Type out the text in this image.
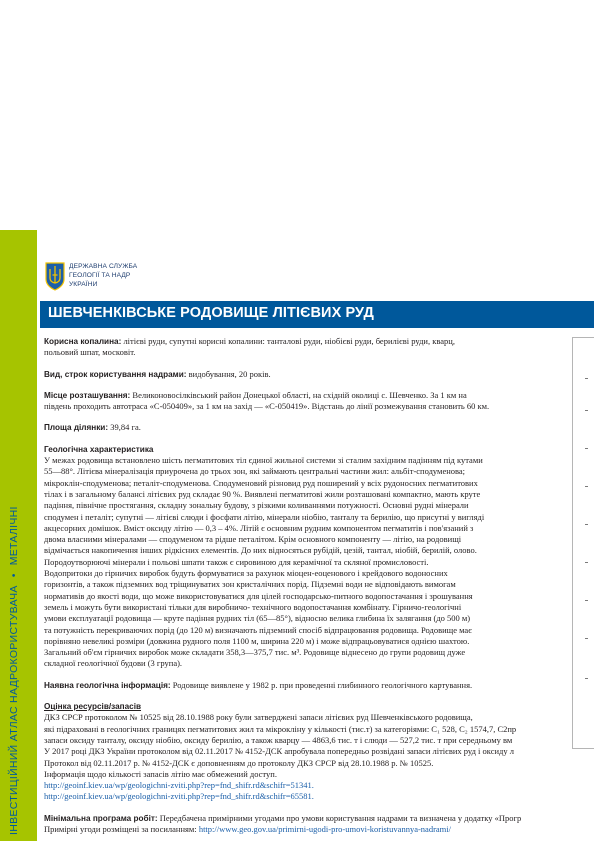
ІНВЕСТИЦІЙНИЙ АТЛАС НАДРОКОРИСТУВАЧА•МЕТАЛІЧНІ
ДЕРЖАВНА СЛУЖБА
ГЕОЛОГІЇ ТА НАДР
УКРАЇНИ
ШЕВЧЕНКІВСЬКЕ РОДОВИЩЕ ЛІТІЄВИХ РУД
Корисна копалина: літієві руди, супутні корисні копалини: танталові руди, ніобієві руди, берилієві руди, кварц,
польовий шпат, московіт.
Вид, строк користування надрами: видобування, 20 років.
Місце розташування: Великоновосілківський район Донецької області, на східній околиці с. Шевченко. За 1 км на
південь проходить автотраса «С-050409», за 1 км на захід — «С-050419». Відстань до лінії розмежування становить 60 км.
Площа ділянки: 39,84 га.
Геологічна характеристика
У межах родовища встановлено шість пегматитових тіл єдиної жильної системи зі сталим західним падінням під кутами
55—88°. Літієва мінералізація приурочена до трьох зон, які займають центральні частини жил: альбіт-сподуменова;
мікроклін-сподуменова; петаліт-сподуменова. Сподуменовий різновид руд поширений у всіх рудоносних пегматитових
тілах і в загальному балансі літієвих руд складає 90 %. Виявлені пегматитові жили розташовані компактно, мають круте
падіння, північне простягання, складну зональну будову, з різкими коливаннями потужності. Основні рудні мінерали
сподумен і петаліт; супутні — літієві слюди і фосфати літію, мінерали ніобію, танталу та берилію, що присутні у вигляді
акцесорних домішок. Вміст оксиду літію — 0,3 – 4%. Літій є основним рудним компонентом пегматитів і пов'язаний з
двома власними мінералами — сподуменом та рідше петалітом. Крім основного компоненту — літію, на родовищі
відмічається накопичення інших рідкісних елементів. До них відносяться рубідій, цезій, тантал, ніобій, берилій, олово.
Породоутворюючі мінерали і польові шпати також є сировиною для керамічної та скляної промисловості.
Водопритоки до гірничих виробок будуть формуватися за рахунок міоцен-еоценового і крейдового водоносних
горизонтів, а також підземних вод тріщинуватих зон кристалічних порід. Підземні води не відповідають вимогам
нормативів до якості води, що може використовуватися для цілей господарсько-питного водопостачання і зрошування
земель і можуть бути використані тільки для виробничо- технічного водопостачання комбінату. Гірничо-геологічні
умови експлуатації родовища — круте падіння рудних тіл (65—85°), відносно велика глибина їх залягання (до 500 м)
та потужність перекриваючих порід (до 120 м) визначають підземний спосіб відпрацювання родовища. Родовище має
порівняно невеликі розміри (довжина рудного поля 1100 м, ширина 220 м) і може відпрацьовуватися однією шахтою.
Загальний об'єм гірничих виробок може складати 358,3—375,7 тис. м³. Родовище віднесено до групи родовищ дуже
складної геологічної будови (3 група).
Наявна геологічна інформація: Родовище виявлене у 1982 р. при проведенні глибинного геологічного картування.
Оцінка ресурсів/запасів
ДКЗ СРСР протоколом № 10525 від 28.10.1988 року були затверджені запаси літієвих руд Шевченківського родовища,
які підраховані в геологічних границях пегматитових жил та мікрокліну у кількості (тис.т) за категоріями: С₁ 528, С₂ 1574,7, С2пр
запаси оксиду танталу, оксиду ніобію, оксиду берилію, а також кварцу — 4863,6 тис. т і слюди — 527,2 тис. т при середньому вм
У 2017 році ДКЗ України протоколом від 02.11.2017 № 4152-ДСК апробувала попередньо розвідані запаси літієвих руд і оксиду л
Протокол від 02.11.2017 р. № 4152-ДСК є доповненням до протоколу ДКЗ СРСР від 28.10.1988 р. № 10525.
Інформація щодо кількості запасів літію має обмежений доступ.
http://geoinf.kiev.ua/wp/geologichni-zviti.php?rep=fnd_shifr.rd&schifr=51341.
http://geoinf.kiev.ua/wp/geologichni-zviti.php?rep=fnd_shifr.rd&schifr=65581.
Мінімальна програма робіт: Передбачена примірними угодами про умови користування надрами та визначена у додатку «Прогр
Примірні угоди розміщені за посиланням: http://www.geo.gov.ua/primirni-ugodi-pro-umovi-koristuvannya-nadrami/
